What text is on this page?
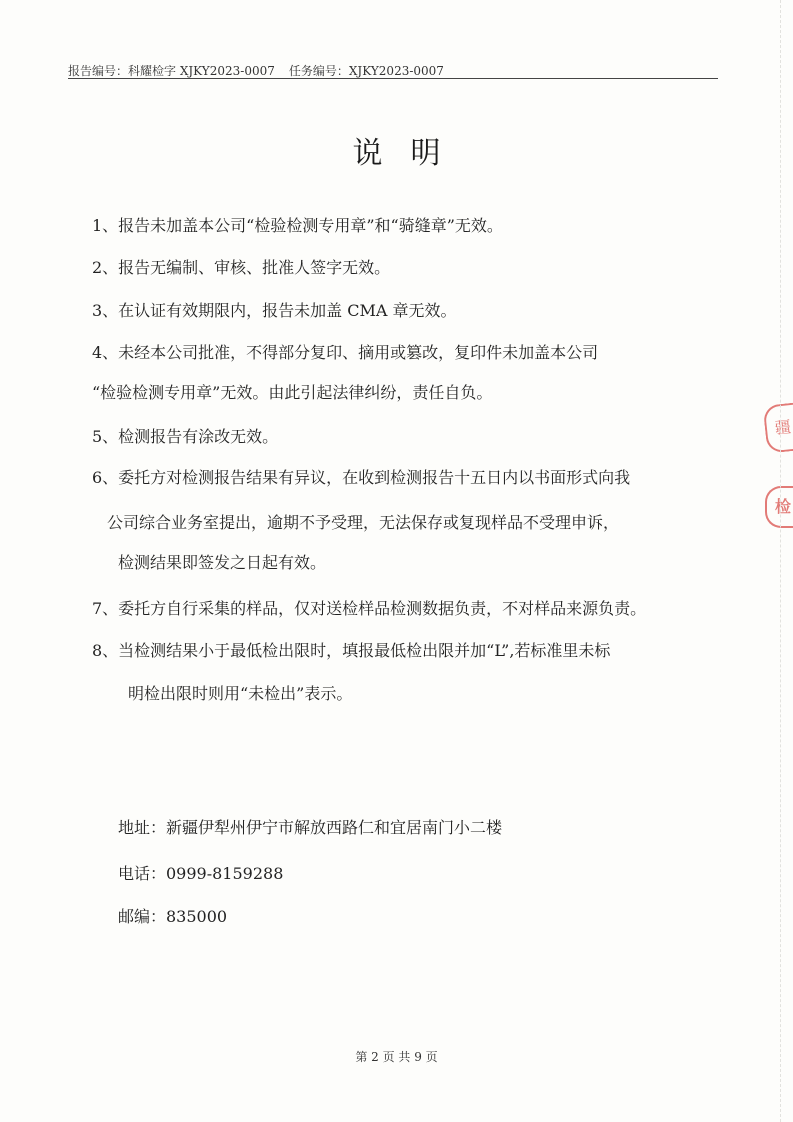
报告编号：科耀检字 XJKY2023-0007 任务编号：XJKY2023-0007
说明
1、报告未加盖本公司“检验检测专用章”和“骑缝章”无效。
2、报告无编制、审核、批准人签字无效。
3、在认证有效期限内，报告未加盖 CMA 章无效。
4、未经本公司批准，不得部分复印、摘用或篡改，复印件未加盖本公司
“检验检测专用章”无效。由此引起法律纠纷，责任自负。
5、检测报告有涂改无效。
6、委托方对检测报告结果有异议，在收到检测报告十五日内以书面形式向我
公司综合业务室提出，逾期不予受理，无法保存或复现样品不受理申诉，
检测结果即签发之日起有效。
7、委托方自行采集的样品，仅对送检样品检测数据负责，不对样品来源负责。
8、当检测结果小于最低检出限时，填报最低检出限并加“L”,若标准里未标
明检出限时则用“未检出”表示。
地址：新疆伊犁州伊宁市解放西路仁和宜居南门小二楼
电话：0999-8159288
邮编：835000
第 2 页 共 9 页
疆
检
